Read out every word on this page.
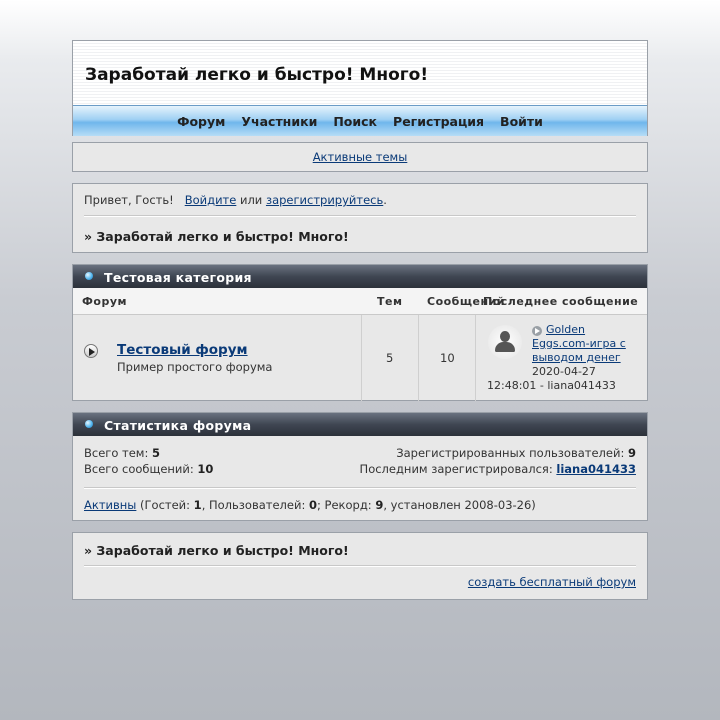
Заработай легко и быстро! Много!
Форум Участники Поиск Регистрация Войти
Активные темы
Привет, Гость! Войдите или зарегистрируйтесь.
» Заработай легко и быстро! Много!
Тестовая категория
Форум	Тем Сообщений
Последнее сообщение
Тестовый форум
Пример простого форума
5	10
Golden Eggs.com-игра с выводом денег
2020-04-27
12:48:01 - liana041433
Статистика форума
Всего тем: 5
Всего сообщений: 10
Зарегистрированных пользователей: 9
Последним зарегистрировался: liana041433
Активны (Гостей: 1, Пользователей: 0; Рекорд: 9, установлен 2008-03-26)
» Заработай легко и быстро! Много!
создать бесплатный форум
